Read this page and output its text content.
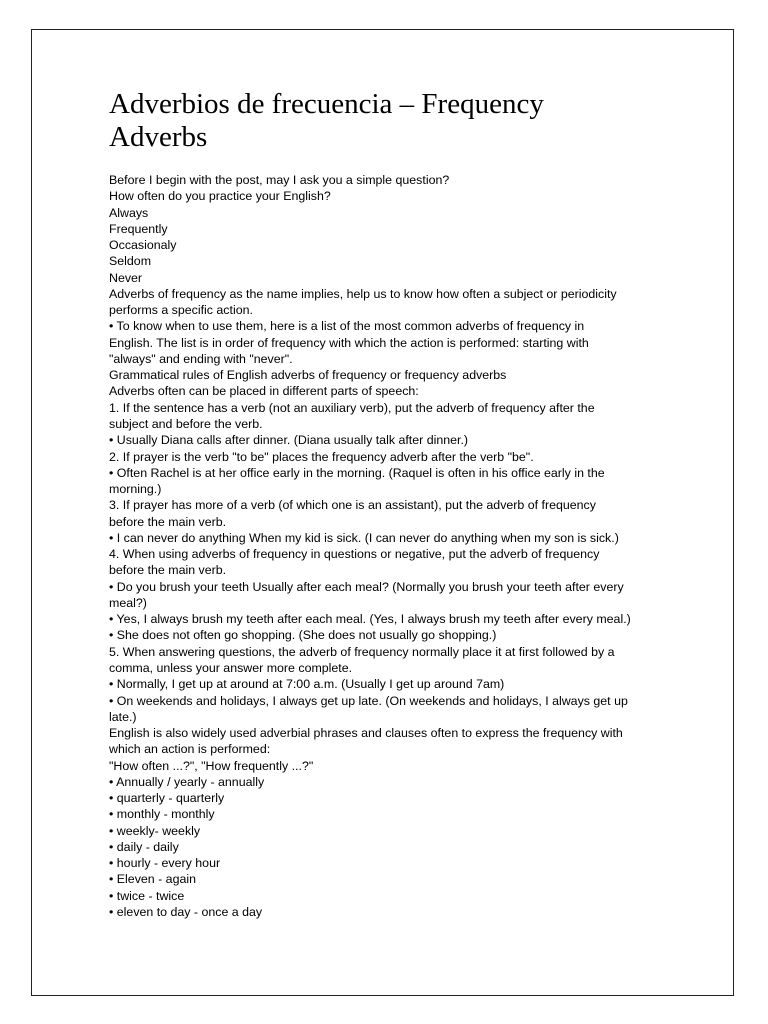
Adverbios de frecuencia – Frequency
Adverbs
Before I begin with the post, may I ask you a simple question?
How often do you practice your English?
Always
Frequently
Occasionaly
Seldom
Never
Adverbs of frequency as the name implies, help us to know how often a subject or periodicity
performs a specific action.
• To know when to use them, here is a list of the most common adverbs of frequency in
English. The list is in order of frequency with which the action is performed: starting with
"always" and ending with "never".
Grammatical rules of English adverbs of frequency or frequency adverbs
Adverbs often can be placed in different parts of speech:
1. If the sentence has a verb (not an auxiliary verb), put the adverb of frequency after the
subject and before the verb.
• Usually Diana calls after dinner. (Diana usually talk after dinner.)
2. If prayer is the verb "to be" places the frequency adverb after the verb "be".
• Often Rachel is at her office early in the morning. (Raquel is often in his office early in the
morning.)
3. If prayer has more of a verb (of which one is an assistant), put the adverb of frequency
before the main verb.
• I can never do anything When my kid is sick. (I can never do anything when my son is sick.)
4. When using adverbs of frequency in questions or negative, put the adverb of frequency
before the main verb.
• Do you brush your teeth Usually after each meal? (Normally you brush your teeth after every
meal?)
• Yes, I always brush my teeth after each meal. (Yes, I always brush my teeth after every meal.)
• She does not often go shopping. (She does not usually go shopping.)
5. When answering questions, the adverb of frequency normally place it at first followed by a
comma, unless your answer more complete.
• Normally, I get up at around at 7:00 a.m. (Usually I get up around 7am)
• On weekends and holidays, I always get up late. (On weekends and holidays, I always get up
late.)
English is also widely used adverbial phrases and clauses often to express the frequency with
which an action is performed:
"How often ...?", "How frequently ...?"
• Annually / yearly - annually
• quarterly - quarterly
• monthly - monthly
• weekly- weekly
• daily - daily
• hourly - every hour
• Eleven - again
• twice - twice
• eleven to day - once a day
